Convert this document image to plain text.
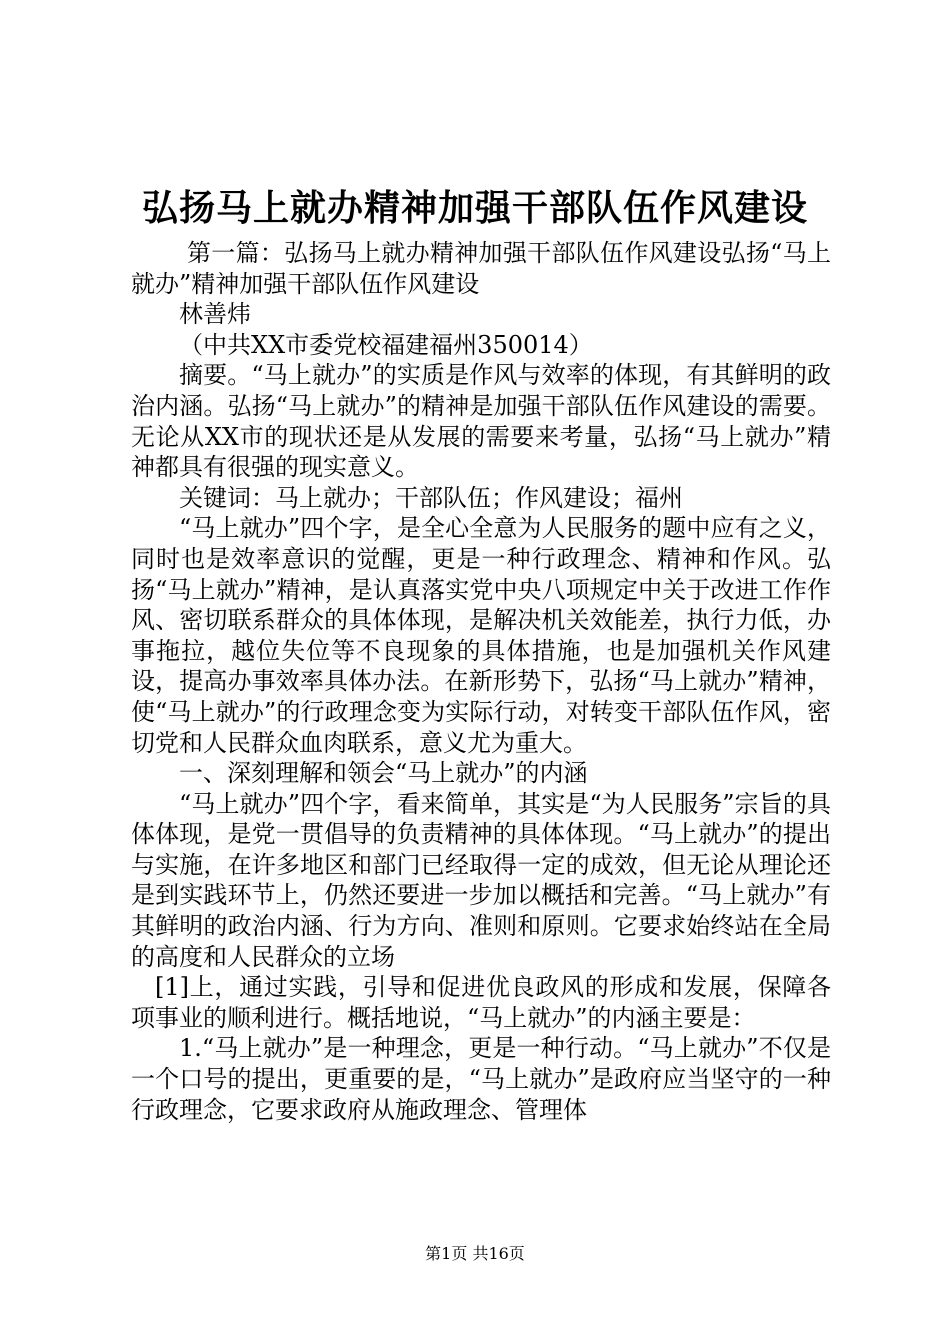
弘扬马上就办精神加强干部队伍作风建设

第一篇：弘扬马上就办精神加强干部队伍作风建设弘扬“马上就办”精神加强干部队伍作风建设

林善炜

（中共XX市委党校福建福州350014）

摘要。“马上就办”的实质是作风与效率的体现，有其鲜明的政治内涵。弘扬“马上就办”的精神是加强干部队伍作风建设的需要。无论从XX市的现状还是从发展的需要来考量，弘扬“马上就办”精神都具有很强的现实意义。

关键词：马上就办；干部队伍；作风建设；福州

“马上就办”四个字，是全心全意为人民服务的题中应有之义，同时也是效率意识的觉醒，更是一种行政理念、精神和作风。弘扬“马上就办”精神，是认真落实党中央八项规定中关于改进工作作风、密切联系群众的具体体现，是解决机关效能差，执行力低，办事拖拉，越位失位等不良现象的具体措施，也是加强机关作风建设，提高办事效率具体办法。在新形势下，弘扬“马上就办”精神，使“马上就办”的行政理念变为实际行动，对转变干部队伍作风，密切党和人民群众血肉联系，意义尤为重大。

一、深刻理解和领会“马上就办”的内涵

“马上就办”四个字，看来简单，其实是“为人民服务”宗旨的具体体现，是党一贯倡导的负责精神的具体体现。“马上就办”的提出与实施，在许多地区和部门已经取得一定的成效，但无论从理论还是到实践环节上，仍然还要进一步加以概括和完善。“马上就办”有其鲜明的政治内涵、行为方向、准则和原则。它要求始终站在全局的高度和人民群众的立场

[1]上，通过实践，引导和促进优良政风的形成和发展，保障各项事业的顺利进行。概括地说，“马上就办”的内涵主要是：

1.“马上就办”是一种理念，更是一种行动。“马上就办”不仅是一个口号的提出，更重要的是，“马上就办”是政府应当坚守的一种行政理念，它要求政府从施政理念、管理体

第1页 共16页
